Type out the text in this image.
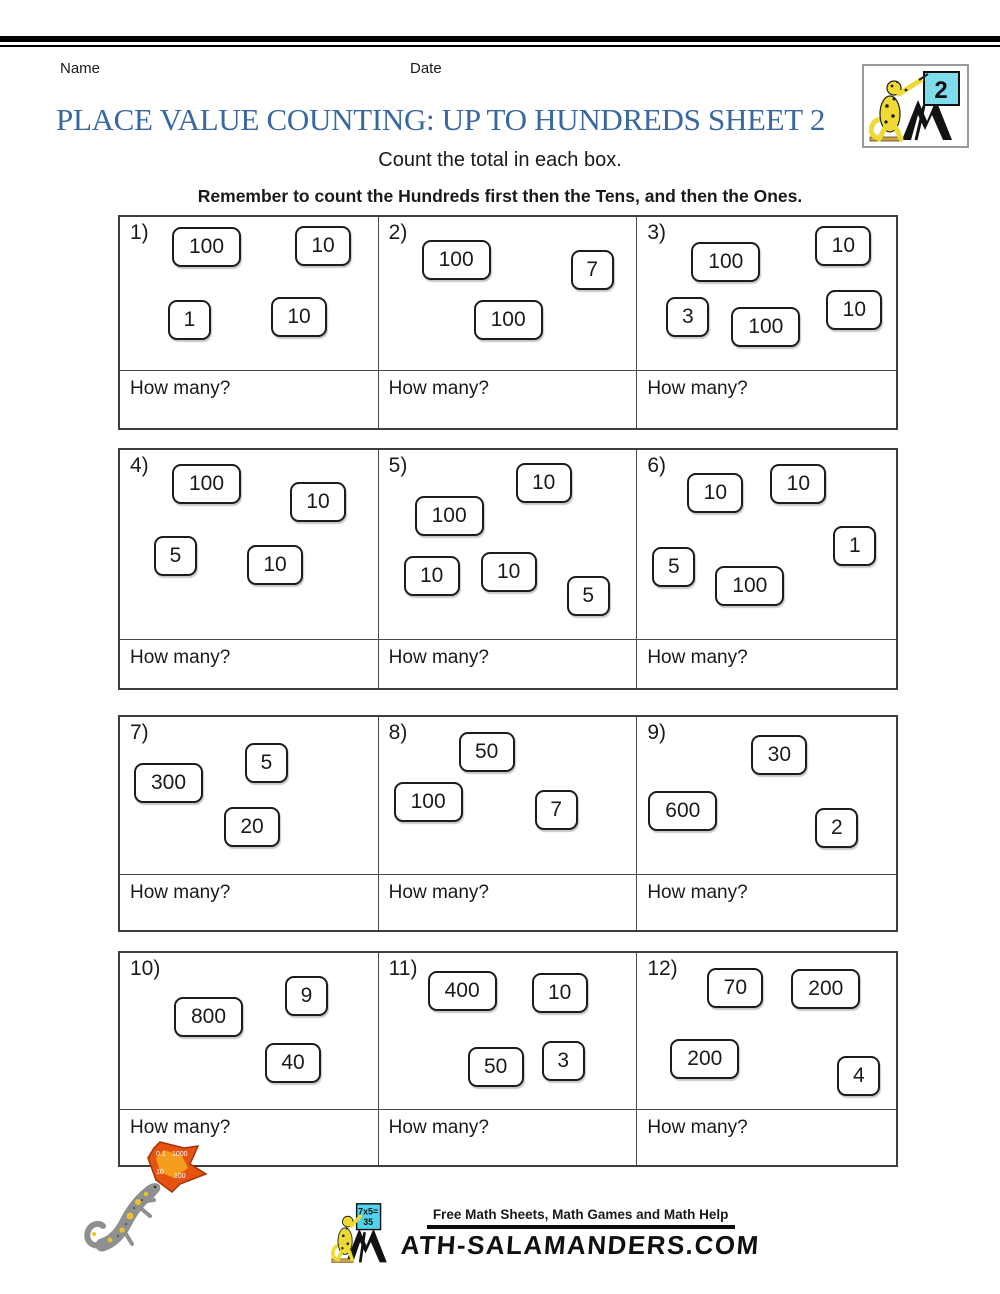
Name	Date
2
PLACE VALUE COUNTING: UP TO HUNDREDS SHEET 2
Count the total in each box.
Remember to count the Hundreds first then the Tens, and then the Ones.
1)
100	10
1	10
2)
100	7
100
3)
100
10
3	100
10
How many?	How many?	How many?
4)
100
10
5	10
5)
10
100
10	10
5
6)
10	10
1
5
100
How many?	How many?	How many?
7)
5
300
20
8)
50
100	7
9)
30
600
2
How many?	How many?	How many?
10)
9
800
40
11)
400	10
50	3
12)
70	200
200
4
How many?	How many?	How many?
0.1 1000
10
100
7x5=
35
Free Math Sheets, Math Games and Math Help
ATH-SALAMANDERS.COM
